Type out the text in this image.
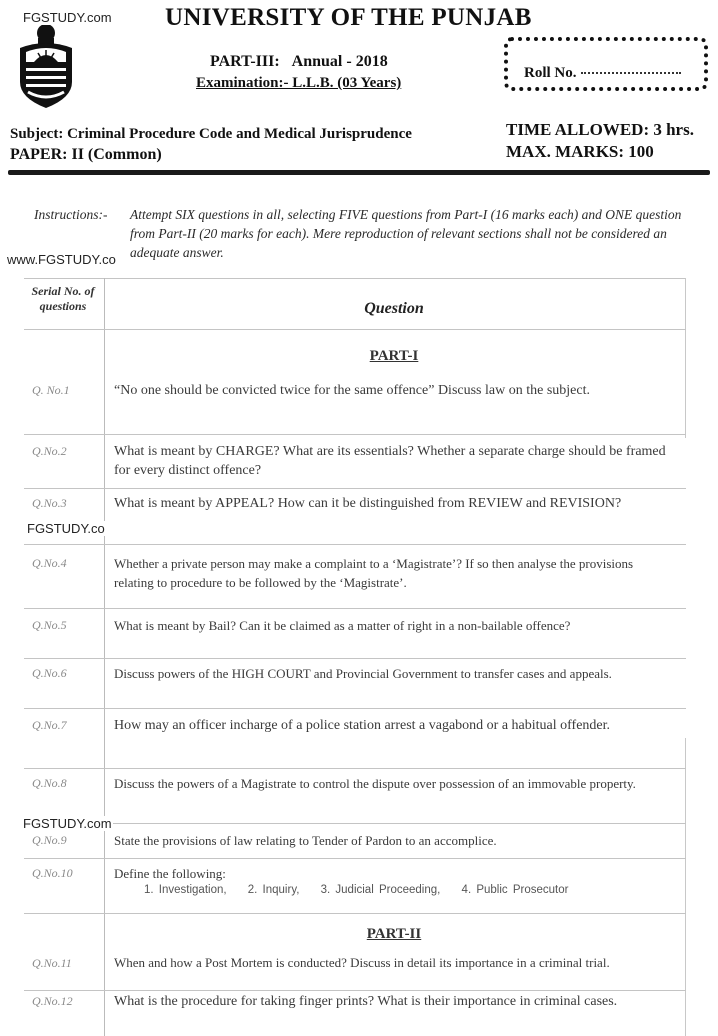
FGSTUDY.com
www.FGSTUDY.co
FGSTUDY.co
FGSTUDY.com
UNIVERSITY OF THE PUNJAB
PART-III: Annual - 2018
Examination:- L.L.B. (03 Years)
Roll No.
Subject: Criminal Procedure Code and Medical Jurisprudence
PAPER: II (Common)
TIME ALLOWED: 3 hrs.
MAX. MARKS: 100
Instructions:- Attempt SIX questions in all, selecting FIVE questions from Part-I (16 marks each) and ONE question from Part-II (20 marks for each). Mere reproduction of relevant sections shall not be considered an adequate answer.
Serial No. of questions	Question
PART-I
Q. No.1	“No one should be convicted twice for the same offence” Discuss law on the subject.
Q.No.2	What is meant by CHARGE? What are its essentials? Whether a separate charge should be framed for every distinct offence?
Q.No.3	What is meant by APPEAL? How can it be distinguished from REVIEW and REVISION?
Q.No.4	Whether a private person may make a complaint to a ‘Magistrate’? If so then analyse the provisions relating to procedure to be followed by the ‘Magistrate’.
Q.No.5	What is meant by Bail? Can it be claimed as a matter of right in a non-bailable offence?
Q.No.6	Discuss powers of the HIGH COURT and Provincial Government to transfer cases and appeals.
Q.No.7	How may an officer incharge of a police station arrest a vagabond or a habitual offender.
Q.No.8	Discuss the powers of a Magistrate to control the dispute over possession of an immovable property.
Q.No.9	State the provisions of law relating to Tender of Pardon to an accomplice.
Q.No.10	Define the following:
1. Investigation, 2. Inquiry, 3. Judicial Proceeding, 4. Public Prosecutor
PART-II
Q.No.11	When and how a Post Mortem is conducted? Discuss in detail its importance in a criminal trial.
Q.No.12	What is the procedure for taking finger prints? What is their importance in criminal cases.
